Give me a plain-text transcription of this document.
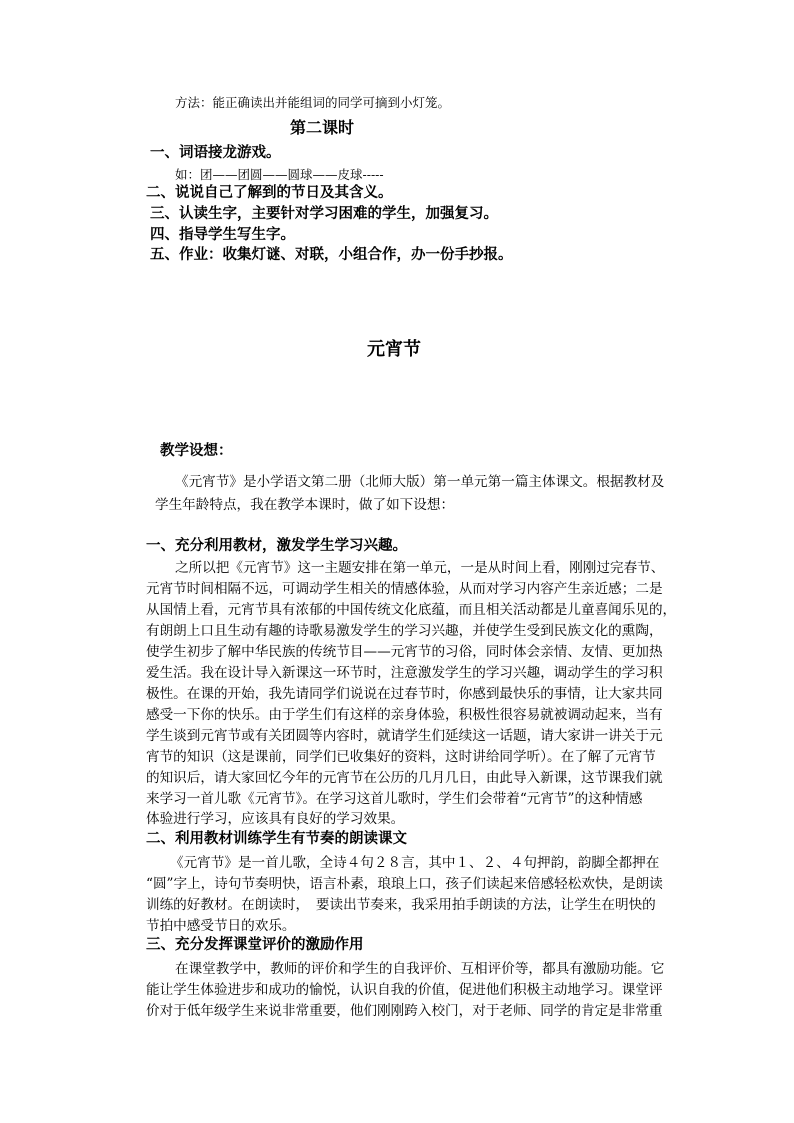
方法：能正确读出并能组词的同学可摘到小灯笼。
第二课时
一、词语接龙游戏。
如：团——团圆——圆球——皮球-----
二、说说自己了解到的节日及其含义。
三、认读生字，主要针对学习困难的学生，加强复习。
四、指导学生写生字。
五、作业：收集灯谜、对联，小组合作，办一份手抄报。
元宵节
教学设想：
《元宵节》是小学语文第二册（北师大版）第一单元第一篇主体课文。根据教材及
学生年龄特点，我在教学本课时，做了如下设想：
一、充分利用教材，激发学生学习兴趣。
之所以把《元宵节》这一主题安排在第一单元，一是从时间上看，刚刚过完春节、
元宵节时间相隔不远，可调动学生相关的情感体验，从而对学习内容产生亲近感；二是
从国情上看，元宵节具有浓郁的中国传统文化底蕴，而且相关活动都是儿童喜闻乐见的，
有朗朗上口且生动有趣的诗歌易激发学生的学习兴趣，并使学生受到民族文化的熏陶，
使学生初步了解中华民族的传统节目——元宵节的习俗，同时体会亲情、友情、更加热
爱生活。我在设计导入新课这一环节时，注意激发学生的学习兴趣，调动学生的学习积
极性。在课的开始，我先请同学们说说在过春节时，你感到最快乐的事情，让大家共同
感受一下你的快乐。由于学生们有这样的亲身体验，积极性很容易就被调动起来，当有
学生谈到元宵节或有关团圆等内容时，就请学生们延续这一话题，请大家讲一讲关于元
宵节的知识（这是课前，同学们已收集好的资料，这时讲给同学听）。在了解了元宵节
的知识后，请大家回忆今年的元宵节在公历的几月几日，由此导入新课，这节课我们就
来学习一首儿歌《元宵节》。在学习这首儿歌时，学生们会带着“元宵节”的这种情感
体验进行学习，应该具有良好的学习效果。
二、利用教材训练学生有节奏的朗读课文
《元宵节》是一首儿歌，全诗４句２８言，其中１、２、４句押韵，韵脚全都押在
“圆”字上，诗句节奏明快，语言朴素，琅琅上口，孩子们读起来倍感轻松欢快，是朗读
训练的好教材。在朗读时，　要读出节奏来，我采用拍手朗读的方法，让学生在明快的
节拍中感受节日的欢乐。
三、充分发挥课堂评价的激励作用
在课堂教学中，教师的评价和学生的自我评价、互相评价等，都具有激励功能。它
能让学生体验进步和成功的愉悦，认识自我的价值，促进他们积极主动地学习。课堂评
价对于低年级学生来说非常重要，他们刚刚跨入校门，对于老师、同学的肯定是非常重
